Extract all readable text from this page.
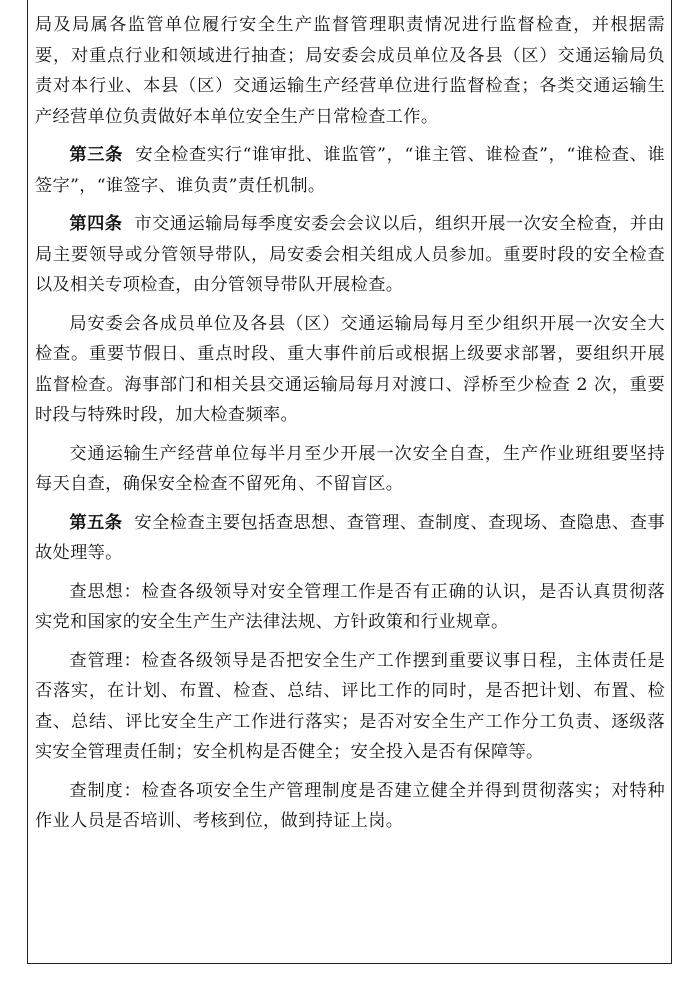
局及局属各监管单位履行安全生产监督管理职责情况进行监督检查，并根据需要，对重点行业和领域进行抽查；局安委会成员单位及各县（区）交通运输局负责对本行业、本县（区）交通运输生产经营单位进行监督检查；各类交通运输生产经营单位负责做好本单位安全生产日常检查工作。

第三条 安全检查实行“谁审批、谁监管”，“谁主管、谁检查”，“谁检查、谁签字”，“谁签字、谁负责”责任机制。

第四条 市交通运输局每季度安委会会议以后，组织开展一次安全检查，并由局主要领导或分管领导带队，局安委会相关组成人员参加。重要时段的安全检查以及相关专项检查，由分管领导带队开展检查。

局安委会各成员单位及各县（区）交通运输局每月至少组织开展一次安全大检查。重要节假日、重点时段、重大事件前后或根据上级要求部署，要组织开展监督检查。海事部门和相关县交通运输局每月对渡口、浮桥至少检查 2 次，重要时段与特殊时段，加大检查频率。

交通运输生产经营单位每半月至少开展一次安全自查，生产作业班组要坚持每天自查，确保安全检查不留死角、不留盲区。

第五条 安全检查主要包括查思想、查管理、查制度、查现场、查隐患、查事故处理等。

查思想：检查各级领导对安全管理工作是否有正确的认识，是否认真贯彻落实党和国家的安全生产生产法律法规、方针政策和行业规章。

查管理：检查各级领导是否把安全生产工作摆到重要议事日程，主体责任是否落实，在计划、布置、检查、总结、评比工作的同时，是否把计划、布置、检查、总结、评比安全生产工作进行落实；是否对安全生产工作分工负责、逐级落实安全管理责任制；安全机构是否健全；安全投入是否有保障等。

查制度：检查各项安全生产管理制度是否建立健全并得到贯彻落实；对特种作业人员是否培训、考核到位，做到持证上岗。
